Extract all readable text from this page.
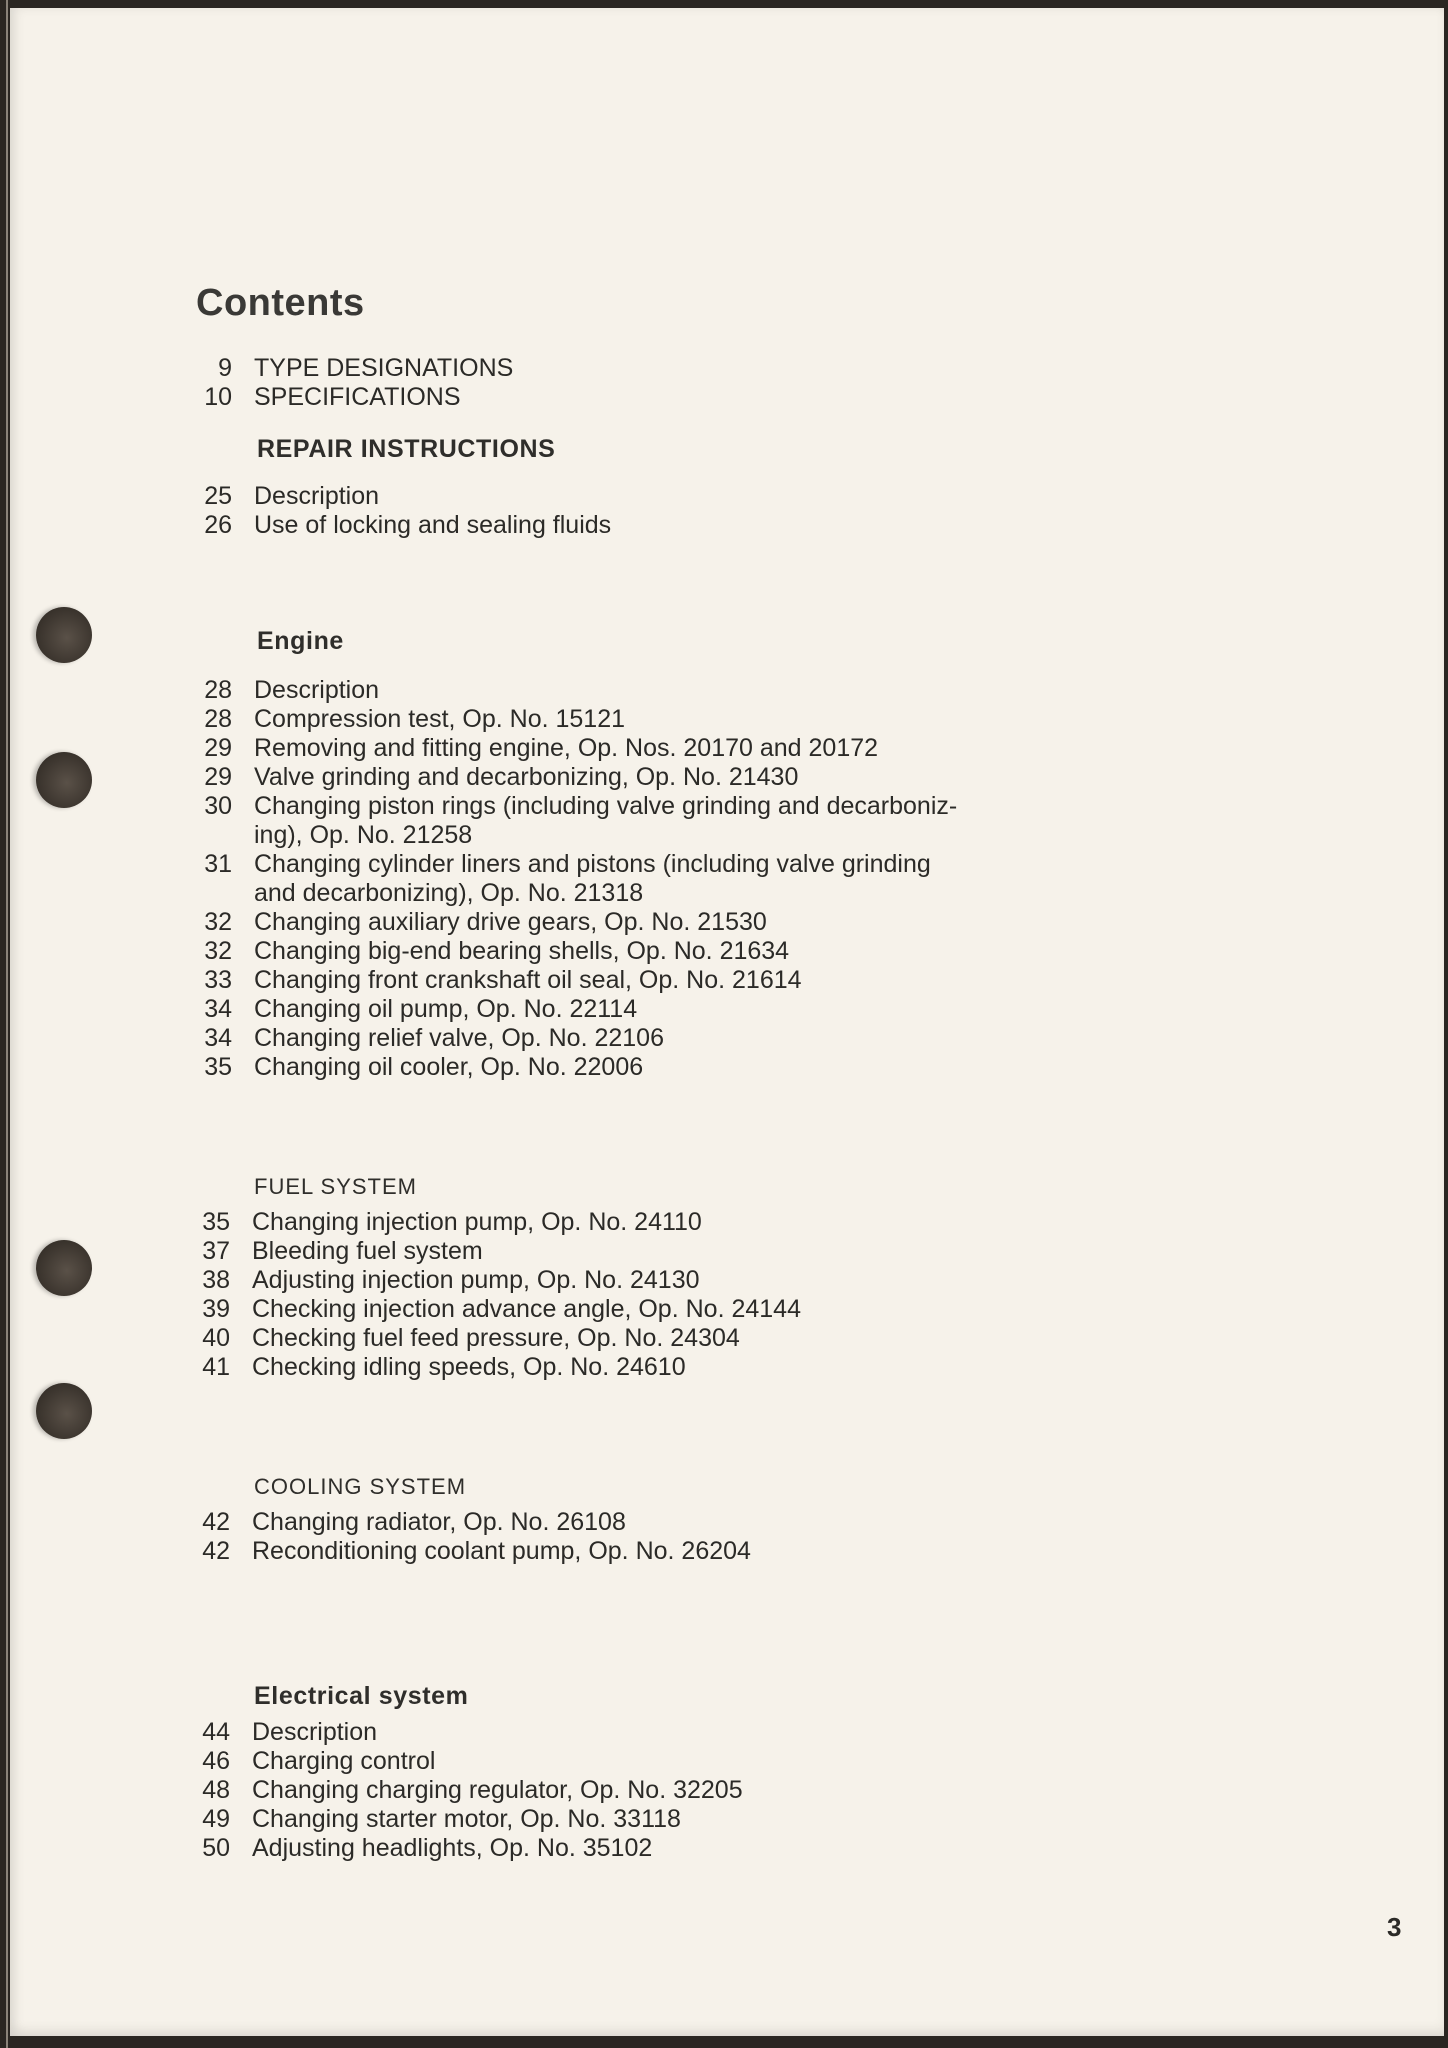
Contents
REPAIR INSTRUCTIONS
Engine
FUEL SYSTEM
COOLING SYSTEM
Electrical system
9 TYPE DESIGNATIONS
10 SPECIFICATIONS
25 Description
26 Use of locking and sealing fluids
28 Description
28 Compression test, Op. No. 15121
29 Removing and fitting engine, Op. Nos. 20170 and 20172
29 Valve grinding and decarbonizing, Op. No. 21430
30 Changing piston rings (including valve grinding and decarboniz-
ing), Op. No. 21258
31 Changing cylinder liners and pistons (including valve grinding
and decarbonizing), Op. No. 21318
32 Changing auxiliary drive gears, Op. No. 21530
32 Changing big-end bearing shells, Op. No. 21634
33 Changing front crankshaft oil seal, Op. No. 21614
34 Changing oil pump, Op. No. 22114
34 Changing relief valve, Op. No. 22106
35 Changing oil cooler, Op. No. 22006
35 Changing injection pump, Op. No. 24110
37 Bleeding fuel system
38 Adjusting injection pump, Op. No. 24130
39 Checking injection advance angle, Op. No. 24144
40 Checking fuel feed pressure, Op. No. 24304
41 Checking idling speeds, Op. No. 24610
42 Changing radiator, Op. No. 26108
42 Reconditioning coolant pump, Op. No. 26204
44 Description
46 Charging control
48 Changing charging regulator, Op. No. 32205
49 Changing starter motor, Op. No. 33118
50 Adjusting headlights, Op. No. 35102
3
